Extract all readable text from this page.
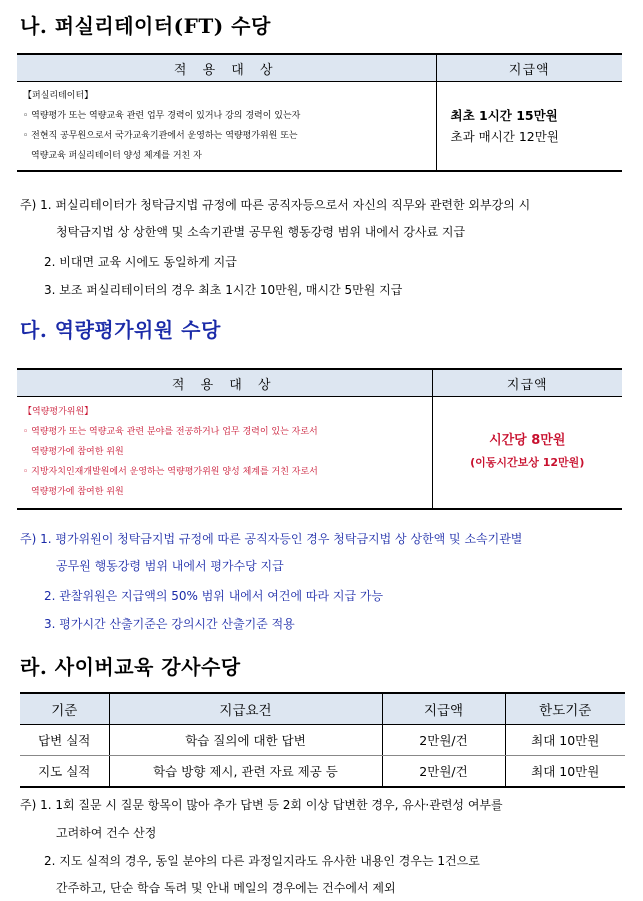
나. 퍼실리테이터(FT) 수당
적 용 대 상	지급액

【퍼실리테이터】
◦ 역량평가 또는 역량교육 관련 업무 경력이 있거나 강의 경력이 있는자
◦ 전현직 공무원으로서 국가교육기관에서 운영하는 역량평가위원 또는
역량교육 퍼실리테이터 양성 체계를 거친 자	최초 1시간 15만원
초과 매시간 12만원
주) 1. 퍼실리테이터가 청탁금지법 규정에 따른 공직자등으로서 자신의 직무와 관련한 외부강의 시
청탁금지법 상 상한액 및 소속기관별 공무원 행동강령 범위 내에서 강사료 지급
2. 비대면 교육 시에도 동일하게 지급
3. 보조 퍼실리테이터의 경우 최초 1시간 10만원, 매시간 5만원 지급
다. 역량평가위원 수당
적 용 대 상	지급액

【역량평가위원】
◦ 역량평가 또는 역량교육 관련 분야를 전공하거나 업무 경력이 있는 자로서
역량평가에 참여한 위원
◦ 지방자치인재개발원에서 운영하는 역량평가위원 양성 체계를 거친 자로서
역량평가에 참여한 위원	시간당 8만원
(이동시간보상 12만원)
주) 1. 평가위원이 청탁금지법 규정에 따른 공직자등인 경우 청탁금지법 상 상한액 및 소속기관별
공무원 행동강령 범위 내에서 평가수당 지급
2. 관찰위원은 지급액의 50% 범위 내에서 여건에 따라 지급 가능
3. 평가시간 산출기준은 강의시간 산출기준 적용
라. 사이버교육 강사수당
기준	지급요건	지급액	한도기준
답변 실적	학습 질의에 대한 답변	2만원/건	최대 10만원
지도 실적	학습 방향 제시, 관련 자료 제공 등	2만원/건	최대 10만원
주) 1. 1회 질문 시 질문 항목이 많아 추가 답변 등 2회 이상 답변한 경우, 유사·관련성 여부를
고려하여 건수 산정
2. 지도 실적의 경우, 동일 분야의 다른 과정일지라도 유사한 내용인 경우는 1건으로
간주하고, 단순 학습 독려 및 안내 메일의 경우에는 건수에서 제외
